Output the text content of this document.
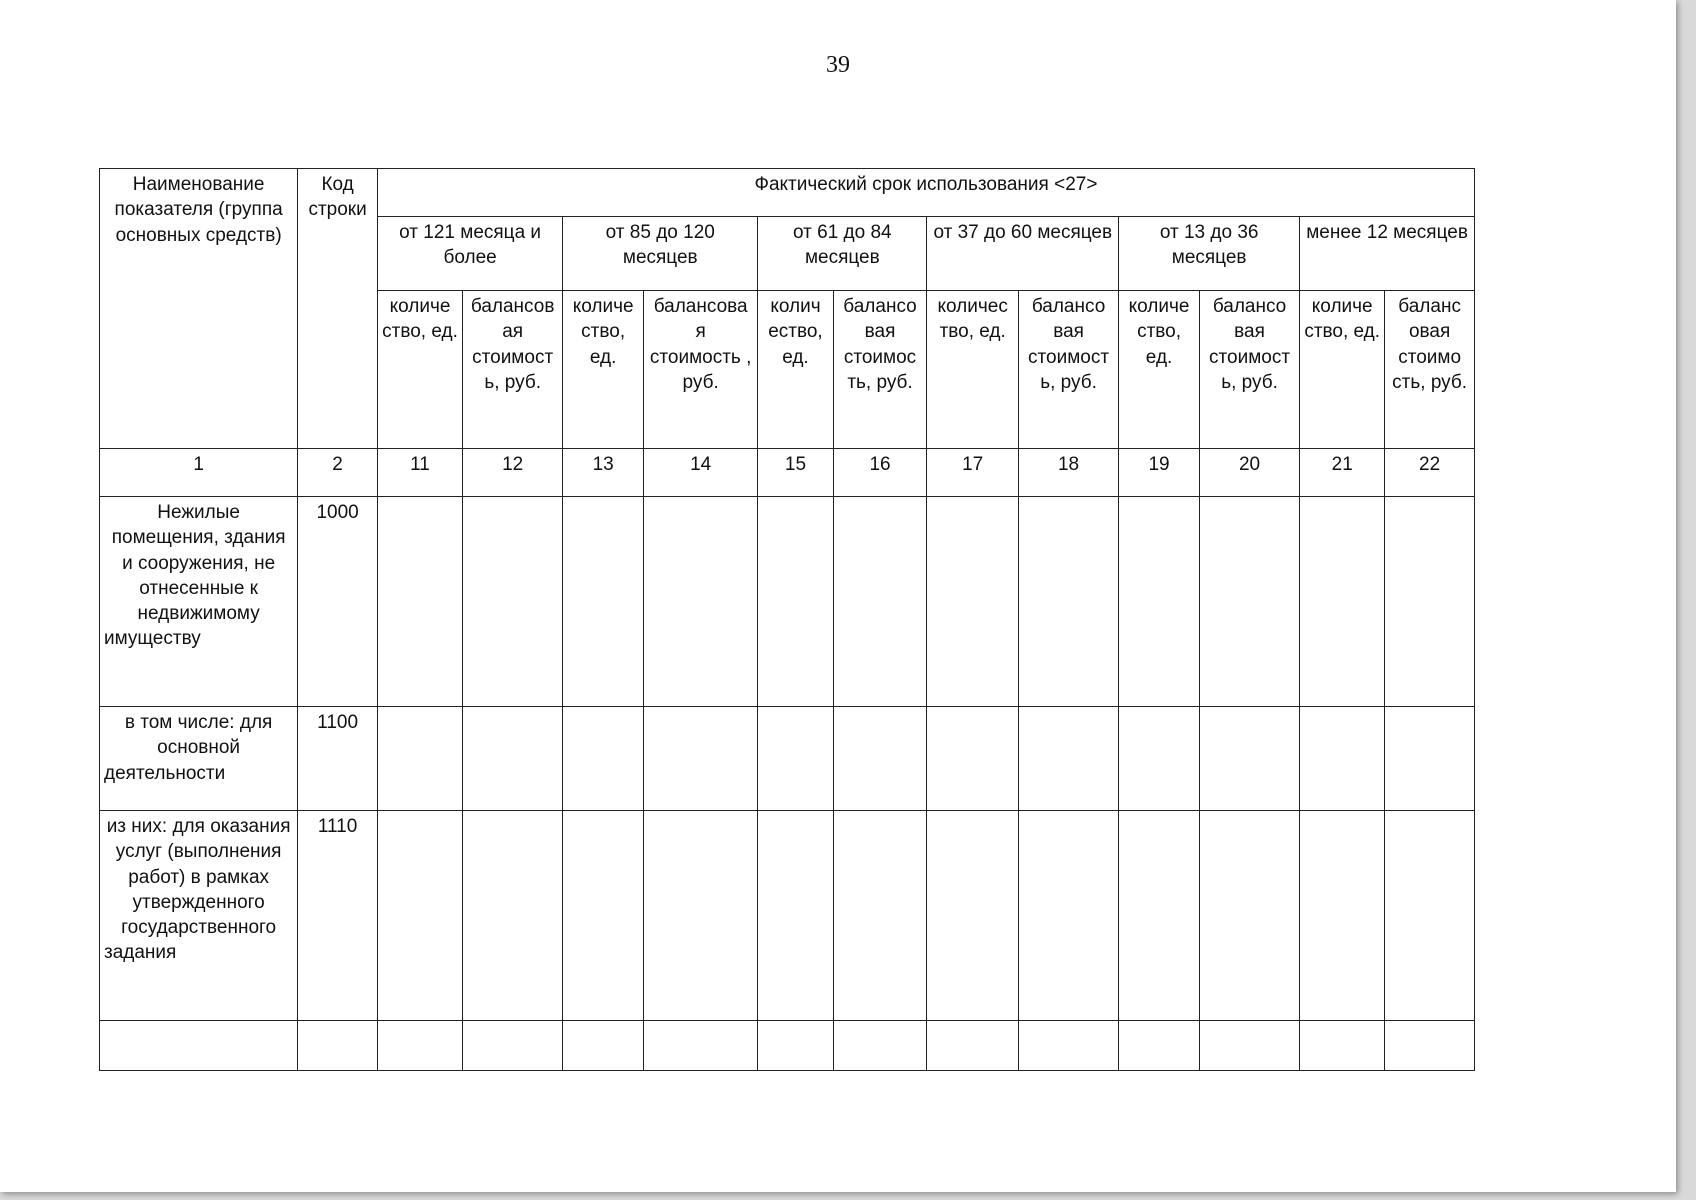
39
Наименование показателя (группа основных средств)	Код строки	Фактический срок использования <27>											
		от 121 месяца и более		от 85 до 120 месяцев		от 61 до 84 месяцев		от 37 до 60 месяцев		от 13 до 36 месяцев		менее 12 месяцев	
		количе ство, ед.	балансов ая стоимост ь, руб.	количе ство, ед.	балансова я стоимость , руб.	колич ество, ед.	балансо вая стоимос ть, руб.	количес тво, ед.	балансо вая стоимост ь, руб.	количе ство, ед.	балансо вая стоимост ь, руб.	количе ство, ед.	баланс овая стоимо сть, руб.
1	2	11	12	13	14	15	16	17	18	19	20	21	22
Нежилые помещения, здания и сооружения, не отнесенные к недвижимому имуществу	1000												
в том числе: для основной деятельности	1100												
из них: для оказания услуг (выполнения работ) в рамках утвержденного государственного задания	1110												
